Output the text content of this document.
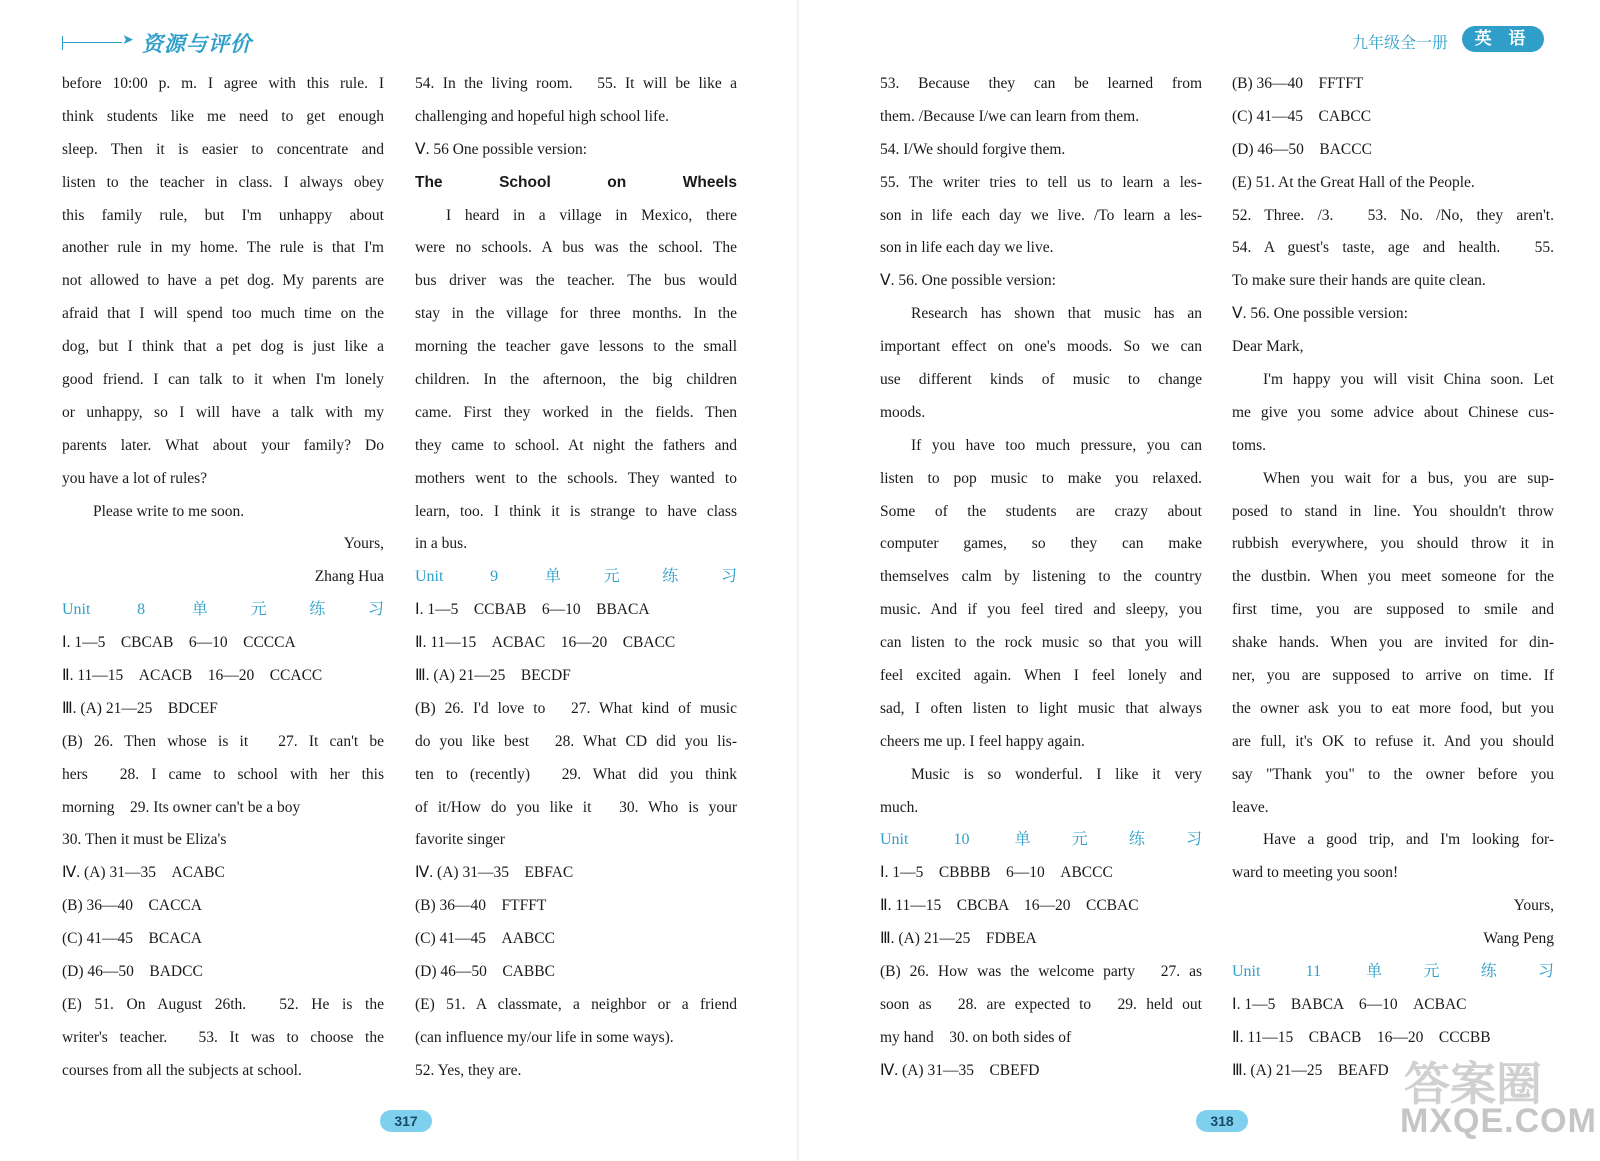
➤ 资源与评价

before 10:00 p. m. I agree with this rule. I

think students like me need to get enough

sleep. Then it is easier to concentrate and

listen to the teacher in class. I always obey

this family rule, but I'm unhappy about

another rule in my home. The rule is that I'm

not allowed to have a pet dog. My parents are

afraid that I will spend too much time on the

dog, but I think that a pet dog is just like a

good friend. I can talk to it when I'm lonely

or unhappy, so I will have a talk with my

parents later. What about your family? Do

you have a lot of rules?

Please write to me soon.

Yours,

Zhang Hua

Unit 8 单元练习

Ⅰ. 1—5　CBCAB　6—10　CCCCA

Ⅱ. 11—15　ACACB　16—20　CCACC

Ⅲ. (A) 21—25　BDCEF

(B) 26. Then whose is it　27. It can't be

hers　28. I came to school with her this

morning　29. Its owner can't be a boy

30. Then it must be Eliza's

Ⅳ. (A) 31—35　ACABC

(B) 36—40　CACCA

(C) 41—45　BCACA

(D) 46—50　BADCC

(E) 51. On August 26th.　52. He is the

writer's teacher.　53. It was to choose the

courses from all the subjects at school.

54. In the living room.　55. It will be like a

challenging and hopeful high school life.

Ⅴ. 56 One possible version:

The School on Wheels

I heard in a village in Mexico, there

were no schools. A bus was the school. The

bus driver was the teacher. The bus would

stay in the village for three months. In the

morning the teacher gave lessons to the small

children. In the afternoon, the big children

came. First they worked in the fields. Then

they came to school. At night the fathers and

mothers went to the schools. They wanted to

learn, too. I think it is strange to have class

in a bus.

Unit 9 单元练习

Ⅰ. 1—5　CCBAB　6—10　BBACA

Ⅱ. 11—15　ACBAC　16—20　CBACC

Ⅲ. (A) 21—25　BECDF

(B) 26. I'd love to　27. What kind of music

do you like best　28. What CD did you lis-

ten to (recently)　29. What did you think

of it/How do you like it　30. Who is your

favorite singer

Ⅳ. (A) 31—35　EBFAC

(B) 36—40　FTFFT

(C) 41—45　AABCC

(D) 46—50　CABBC

(E) 51. A classmate, a neighbor or a friend

(can influence my/our life in some ways).

52. Yes, they are.

317
九年级全一册	英 语

53. Because they can be learned from

them. /Because I/we can learn from them.

54. I/We should forgive them.

55. The writer tries to tell us to learn a les-

son in life each day we live. /To learn a les-

son in life each day we live.

Ⅴ. 56. One possible version:

Research has shown that music has an

important effect on one's moods. So we can

use different kinds of music to change

moods.

If you have too much pressure, you can

listen to pop music to make you relaxed.

Some of the students are crazy about

computer games, so they can make

themselves calm by listening to the country

music. And if you feel tired and sleepy, you

can listen to the rock music so that you will

feel excited again. When I feel lonely and

sad, I often listen to light music that always

cheers me up. I feel happy again.

Music is so wonderful. I like it very

much.

Unit 10 单元练习

Ⅰ. 1—5　CBBBB　6—10　ABCCC

Ⅱ. 11—15　CBCBA　16—20　CCBAC

Ⅲ. (A) 21—25　FDBEA

(B) 26. How was the welcome party　27. as

soon as　28. are expected to　29. held out

my hand　30. on both sides of

Ⅳ. (A) 31—35　CBEFD

(B) 36—40　FFTFT

(C) 41—45　CABCC

(D) 46—50　BACCC

(E) 51. At the Great Hall of the People.

52. Three. /3.　53. No. /No, they aren't.

54. A guest's taste, age and health.　55.

To make sure their hands are quite clean.

Ⅴ. 56. One possible version:

Dear Mark,

I'm happy you will visit China soon. Let

me give you some advice about Chinese cus-

toms.

When you wait for a bus, you are sup-

posed to stand in line. You shouldn't throw

rubbish everywhere, you should throw it in

the dustbin. When you meet someone for the

first time, you are supposed to smile and

shake hands. When you are invited for din-

ner, you are supposed to arrive on time. If

the owner ask you to eat more food, but you

are full, it's OK to refuse it. And you should

say "Thank you" to the owner before you

leave.

Have a good trip, and I'm looking for-

ward to meeting you soon!

Yours,

Wang Peng

Unit 11 单元练习

Ⅰ. 1—5　BABCA　6—10　ACBAC

Ⅱ. 11—15　CBACB　16—20　CCCBB

Ⅲ. (A) 21—25　BEAFD

318
答案圈
MXQE.COM
